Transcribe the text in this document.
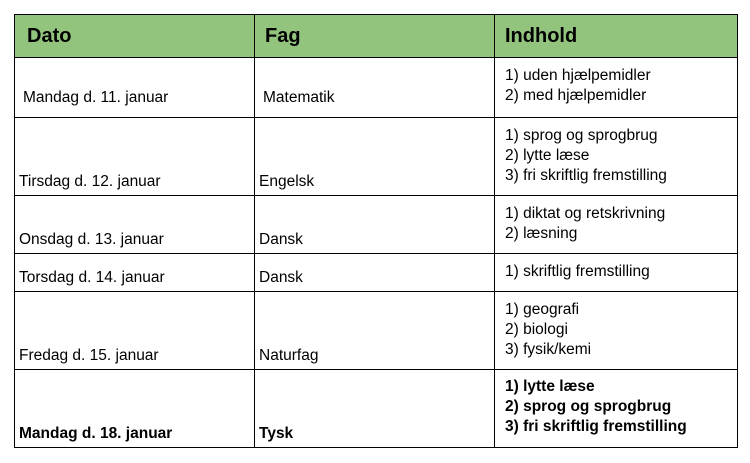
Dato	Fag	Indhold
Mandag d. 11. januar	Matematik	1) uden hjælpemidler
2) med hjælpemidler

Tirsdag d. 12. januar	Engelsk	1) sprog og sprogbrug
2) lytte læse
3) fri skriftlig fremstilling

Onsdag d. 13. januar	Dansk	1) diktat og retskrivning
2) læsning

Torsdag d. 14. januar	Dansk	1) skriftlig fremstilling

Fredag d. 15. januar	Naturfag	1) geografi
2) biologi
3) fysik/kemi

Mandag d. 18. januar	Tysk	1) lytte læse
2) sprog og sprogbrug
3) fri skriftlig fremstilling
